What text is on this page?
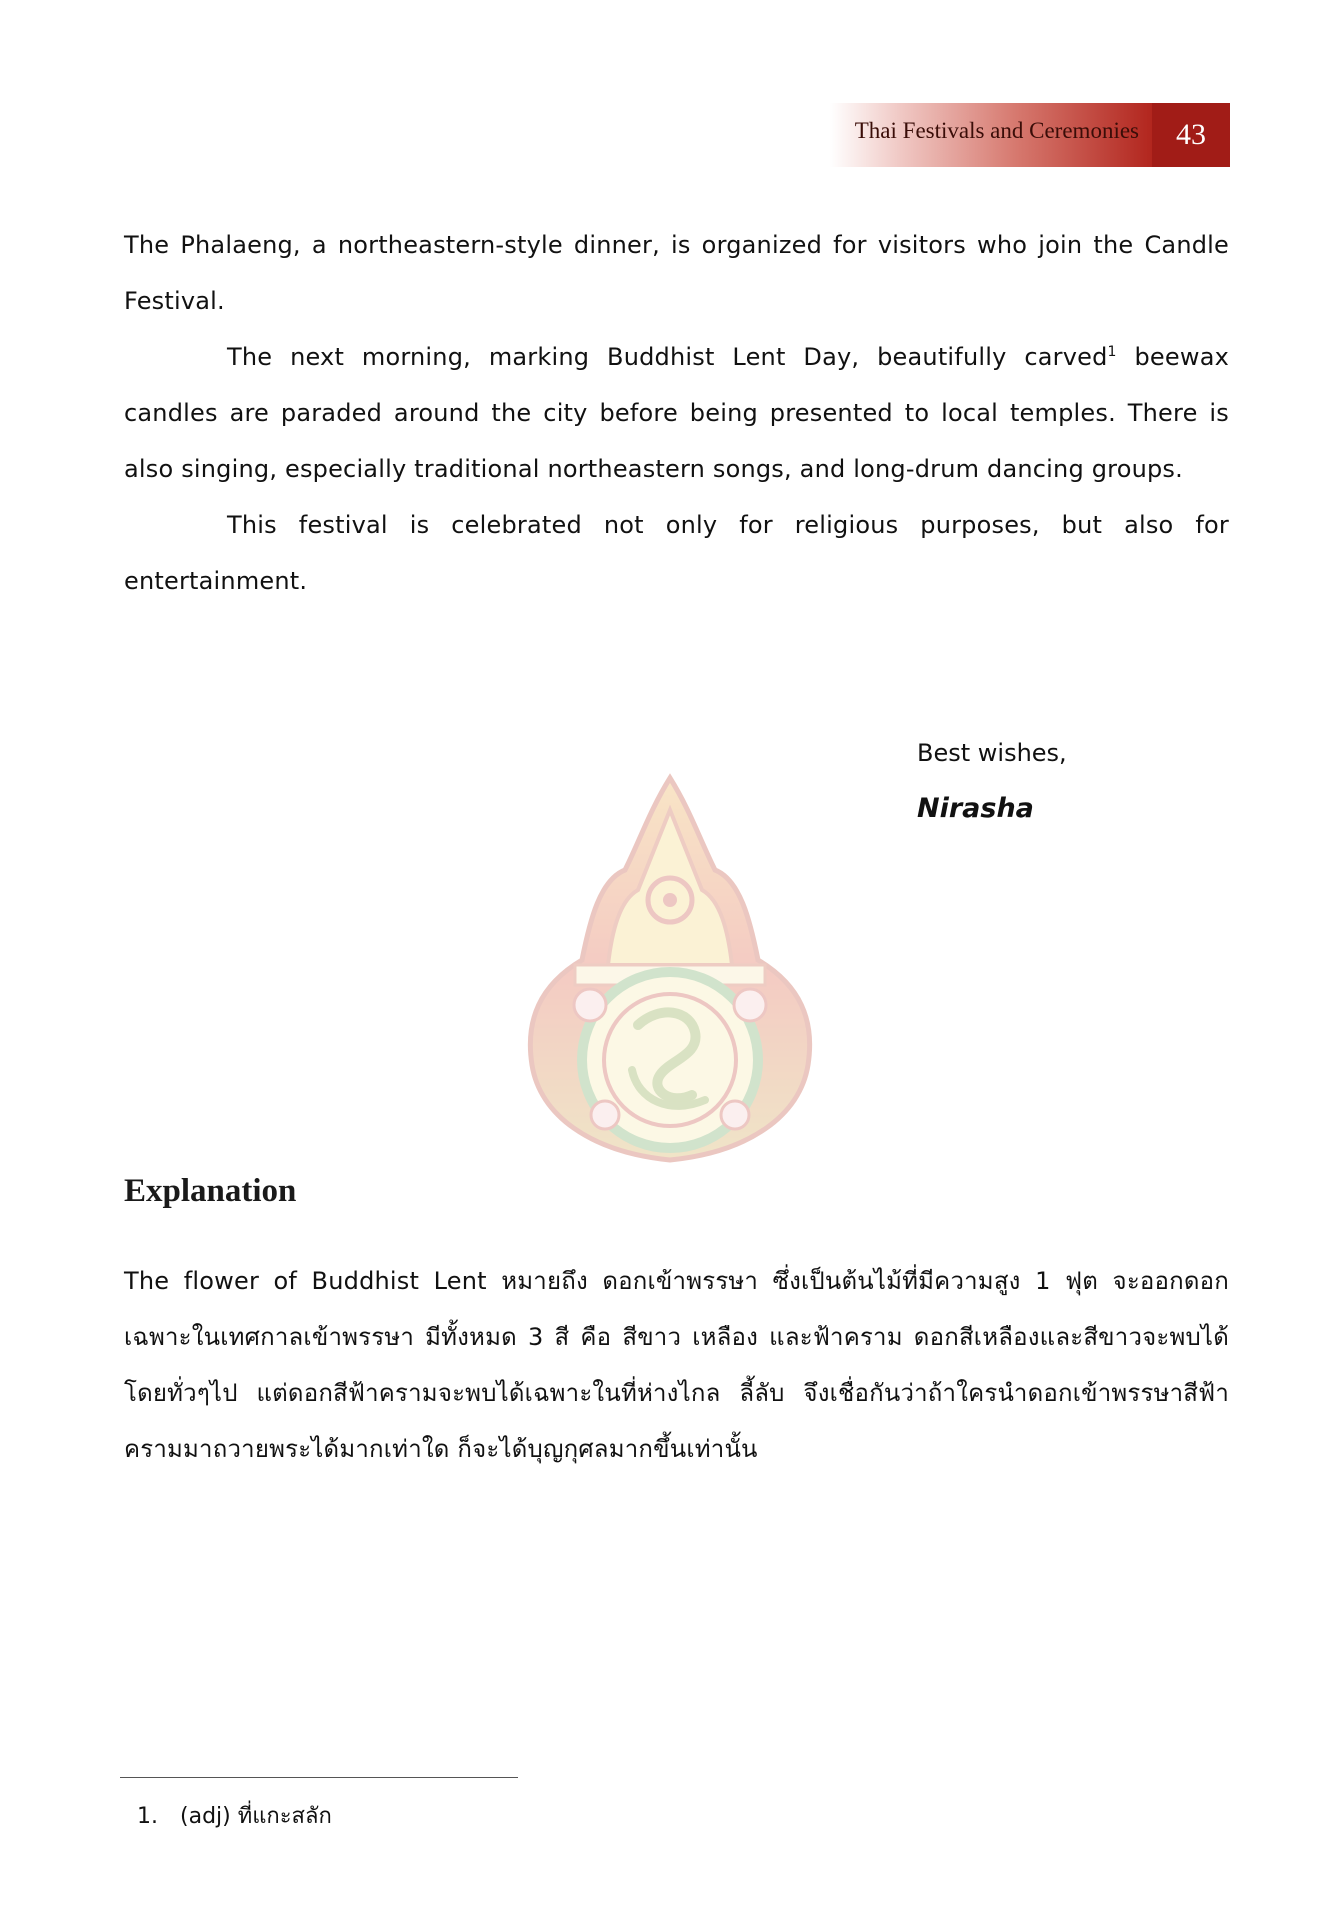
Thai Festivals and Ceremonies	43

The Phalaeng, a northeastern-style dinner, is organized for visitors who join the Candle Festival.

The next morning, marking Buddhist Lent Day, beautifully carved$^1$ beewax candles are paraded around the city before being presented to local temples. There is also singing, especially traditional northeastern songs, and long-drum dancing groups.

This festival is celebrated not only for religious purposes, but also for entertainment.

Best wishes,
Nirasha
Explanation
The flower of Buddhist Lent หมายถึง ดอกเข้าพรรษา ซึ่งเป็นต้นไม้ที่มีความสูง 1 ฟุต จะออกดอกเฉพาะในเทศกาลเข้าพรรษา มีทั้งหมด 3 สี คือ สีขาว เหลือง และฟ้าคราม ดอกสีเหลืองและสีขาวจะพบได้โดยทั่วๆไป แต่ดอกสีฟ้าครามจะพบได้เฉพาะในที่ห่างไกล ลี้ลับ จึงเชื่อกันว่าถ้าใครนำดอกเข้าพรรษาสีฟ้าครามมาถวายพระได้มากเท่าใด ก็จะได้บุญกุศลมากขึ้นเท่านั้น
1. (adj) ที่แกะสลัก
